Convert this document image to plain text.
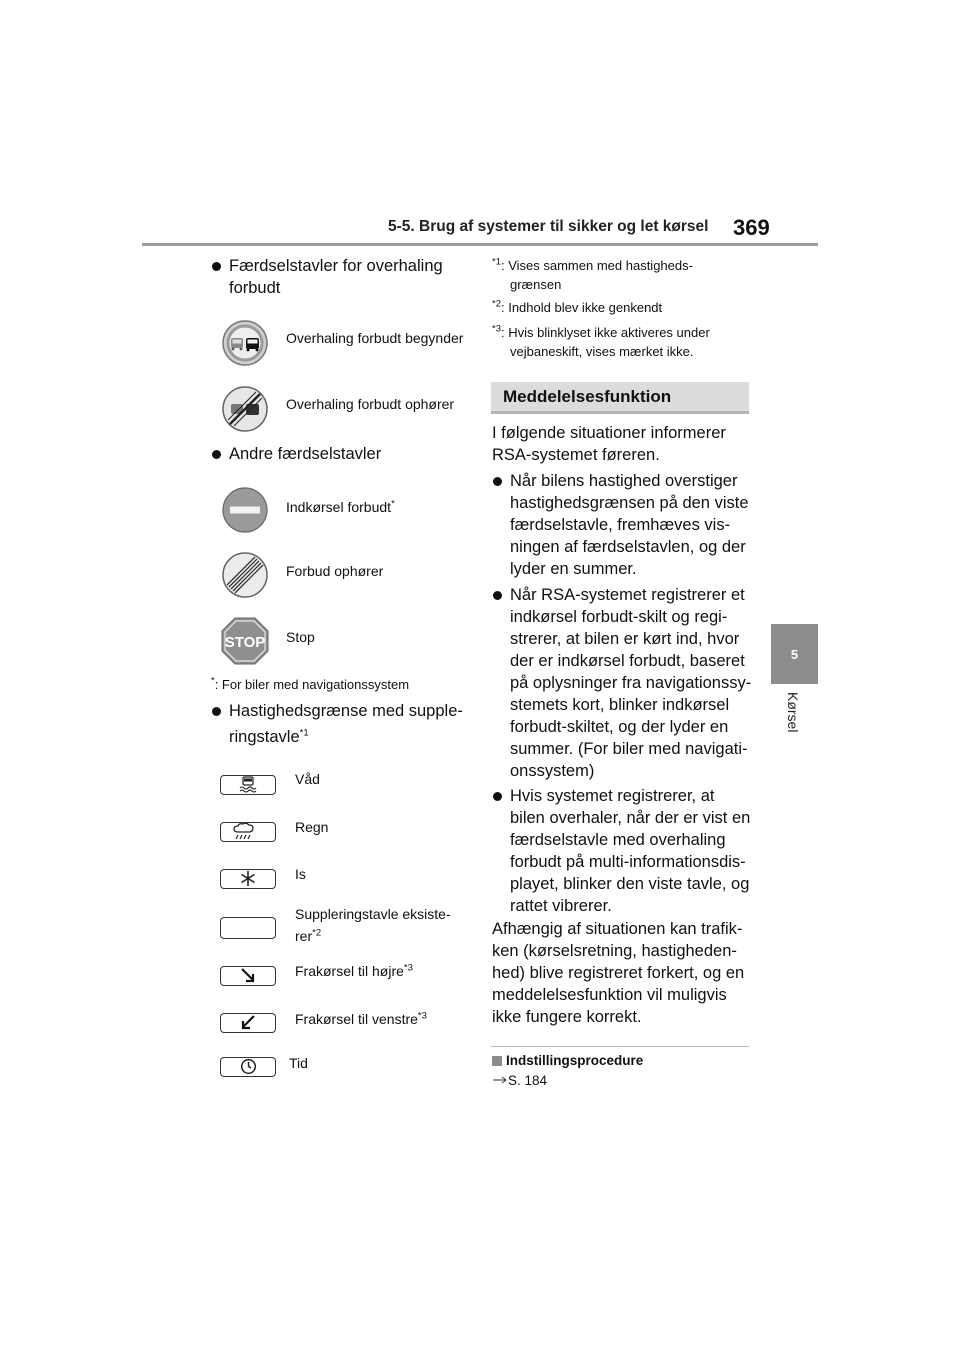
5-5. Brug af systemer til sikker og let kørsel 369
5
Kørsel
Færdselstavler for overhaling
forbudt
Overhaling forbudt begynder
Overhaling forbudt ophører
Andre færdselstavler
Indkørsel forbudt*
Forbud ophører
STOP Stop
*: For biler med navigationssystem
Hastighedsgrænse med supple-
ringstavle$^{*1}$
Våd
Regn
Is
Suppleringstavle eksiste-
rer$^{*2}$
Frakørsel til højre$^{*3}$
Frakørsel til venstre$^{*3}$
Tid
$^{*1}$: Vises sammen med hastigheds-
grænsen
$^{*2}$: Indhold blev ikke genkendt
$^{*3}$: Hvis blinklyset ikke aktiveres under
vejbaneskift, vises mærket ikke.
Meddelelsesfunktion
I følgende situationer informerer
RSA-systemet føreren.
Når bilens hastighed overstiger
hastighedsgrænsen på den viste
færdselstavle, fremhæves vis-
ningen af færdselstavlen, og der
lyder en summer.
Når RSA-systemet registrerer et
indkørsel forbudt-skilt og regi-
strerer, at bilen er kørt ind, hvor
der er indkørsel forbudt, baseret
på oplysninger fra navigationssy-
stemets kort, blinker indkørsel
forbudt-skiltet, og der lyder en
summer. (For biler med navigati-
onssystem)
Hvis systemet registrerer, at
bilen overhaler, når der er vist en
færdselstavle med overhaling
forbudt på multi-informationsdis-
playet, blinker den viste tavle, og
rattet vibrerer.
Afhængig af situationen kan trafik-
ken (kørselsretning, hastigheden-
hed) blive registreret forkert, og en
meddelelsesfunktion vil muligvis
ikke fungere korrekt.
Indstillingsprocedure
S. 184
